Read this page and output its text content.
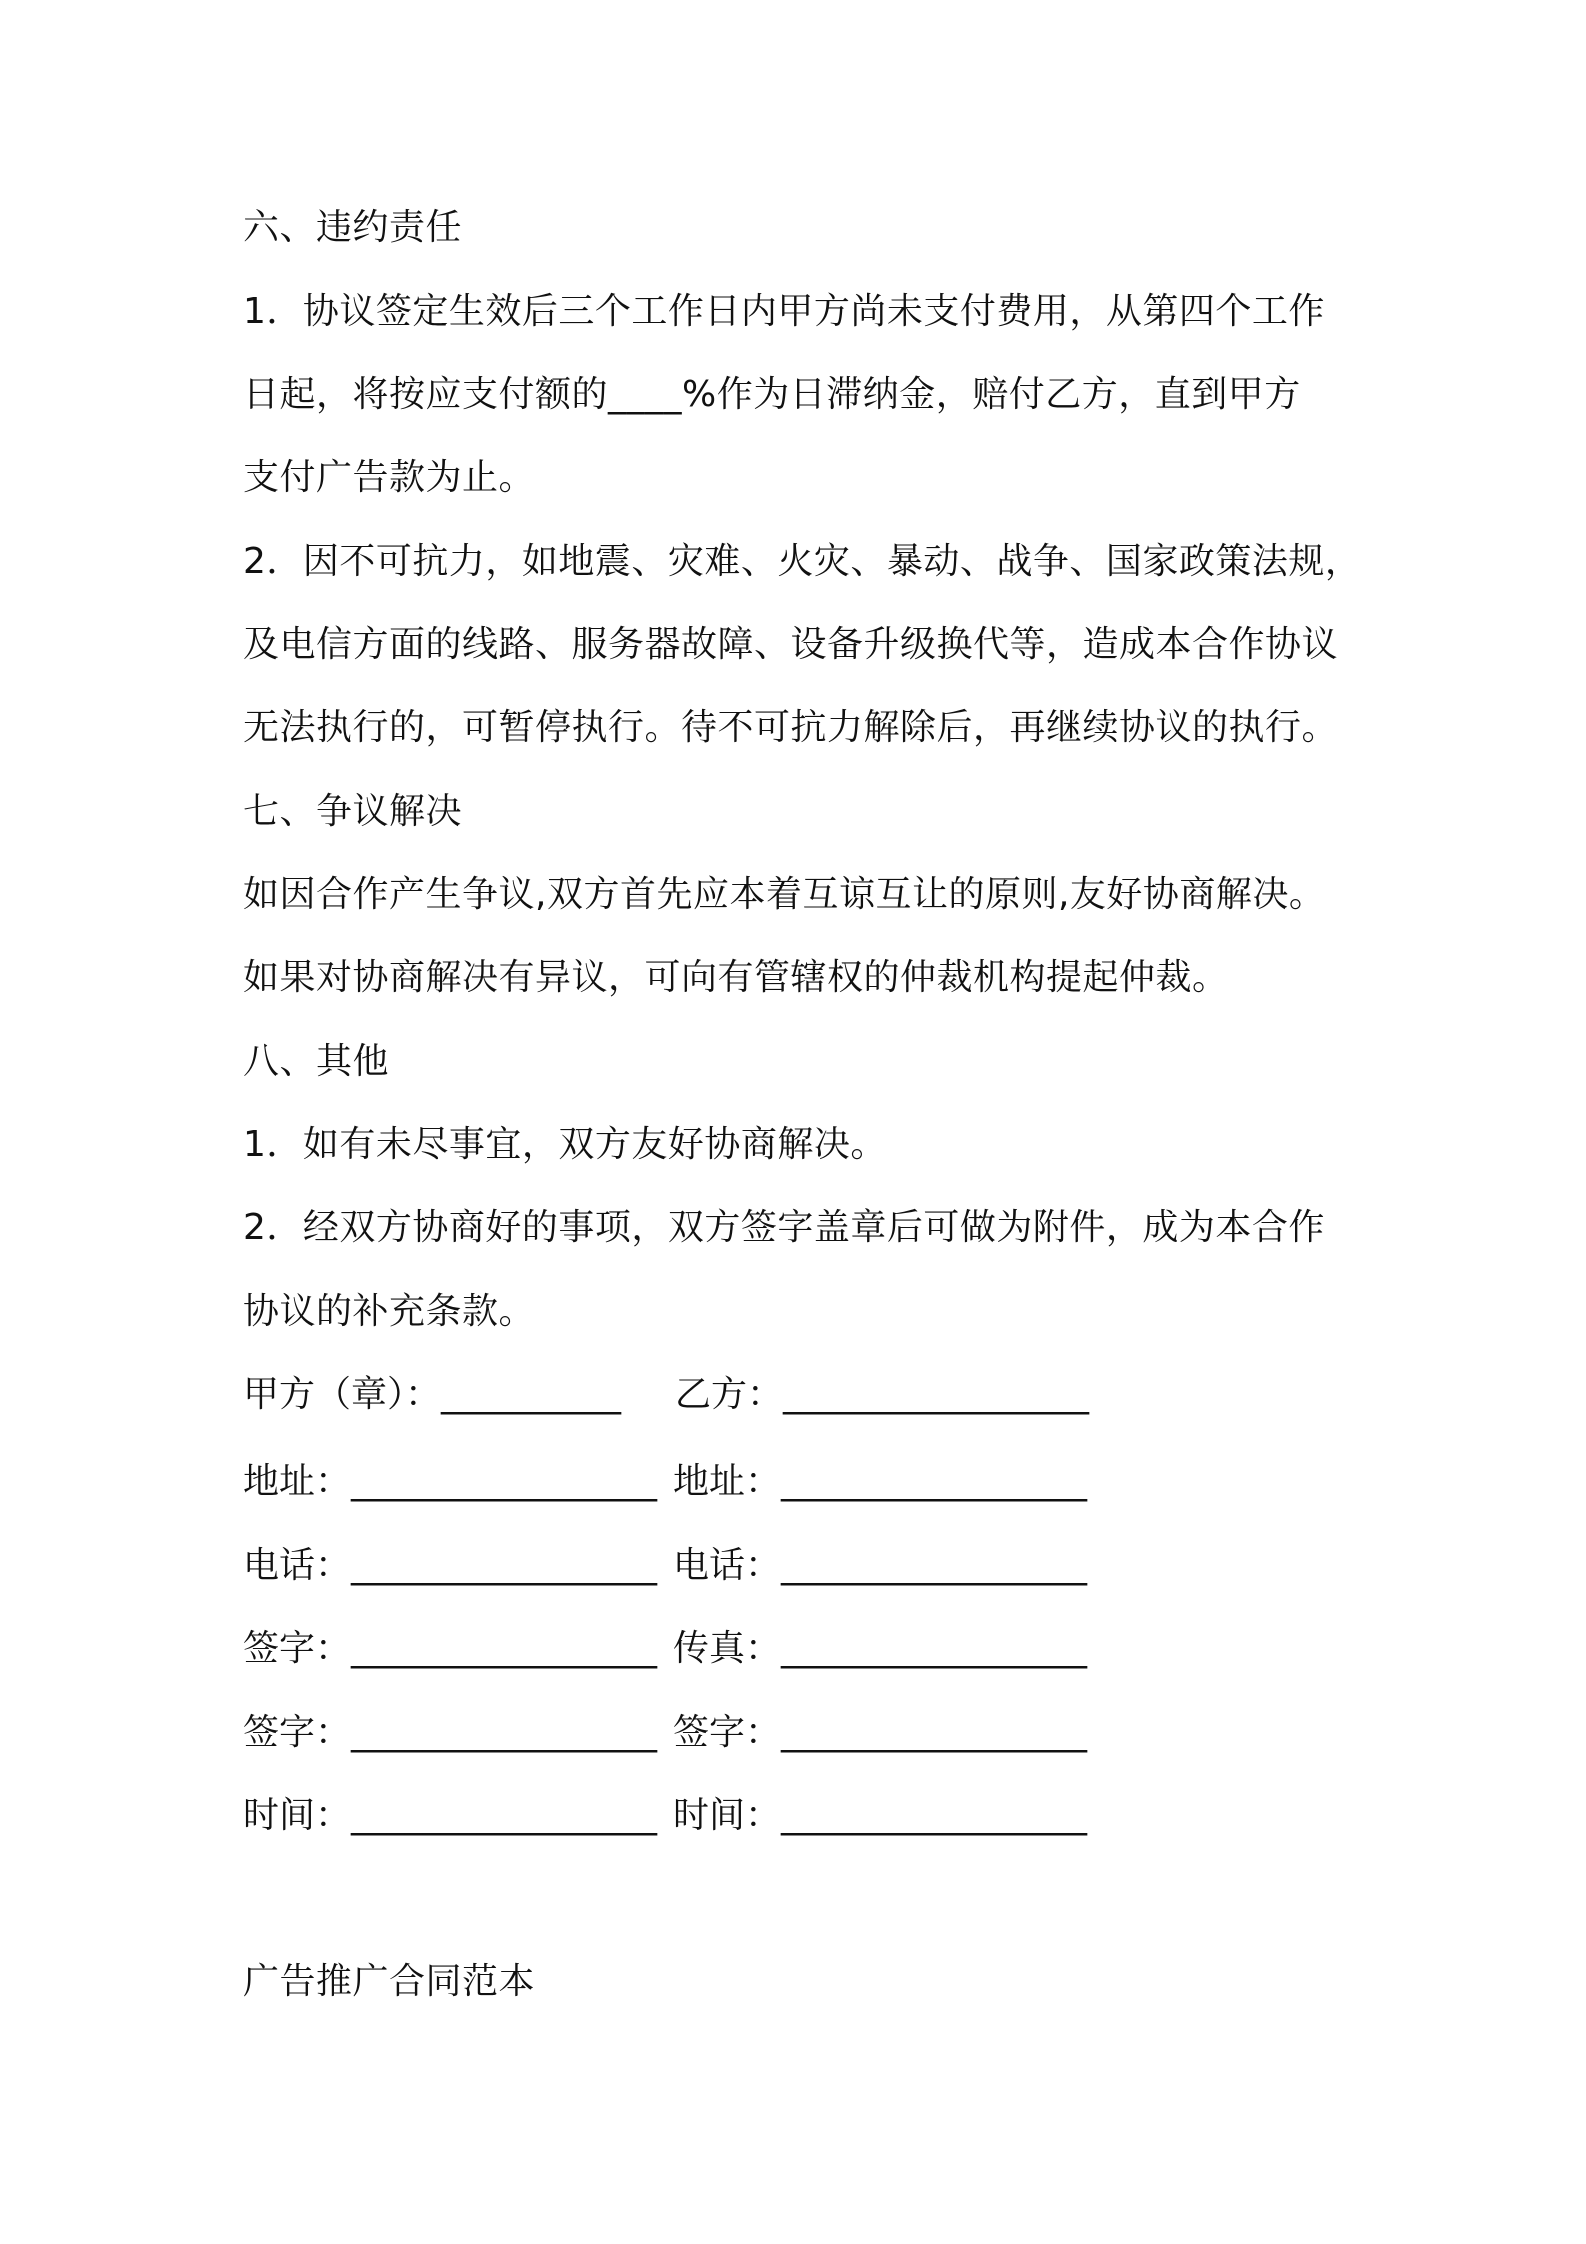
六、违约责任
1．协议签定生效后三个工作日内甲方尚未支付费用，从第四个工作
日起，将按应支付额的____%作为日滞纳金，赔付乙方，直到甲方
支付广告款为止。
2．因不可抗力，如地震、灾难、火灾、暴动、战争、国家政策法规，
及电信方面的线路、服务器故障、设备升级换代等，造成本合作协议
无法执行的，可暂停执行。待不可抗力解除后，再继续协议的执行。
七、争议解决
如因合作产生争议,双方首先应本着互谅互让的原则,友好协商解决。
如果对协商解决有异议，可向有管辖权的仲裁机构提起仲裁。
八、其他
1．如有未尽事宜，双方友好协商解决。
2．经双方协商好的事项，双方签字盖章后可做为附件，成为本合作
协议的补充条款。
甲方（章）：__________ 乙方：_________________
地址：_________________ 地址：_________________
电话：_________________ 电话：_________________
签字：_________________ 传真：_________________
签字：_________________ 签字：_________________
时间：_________________ 时间：_________________
广告推广合同范本
